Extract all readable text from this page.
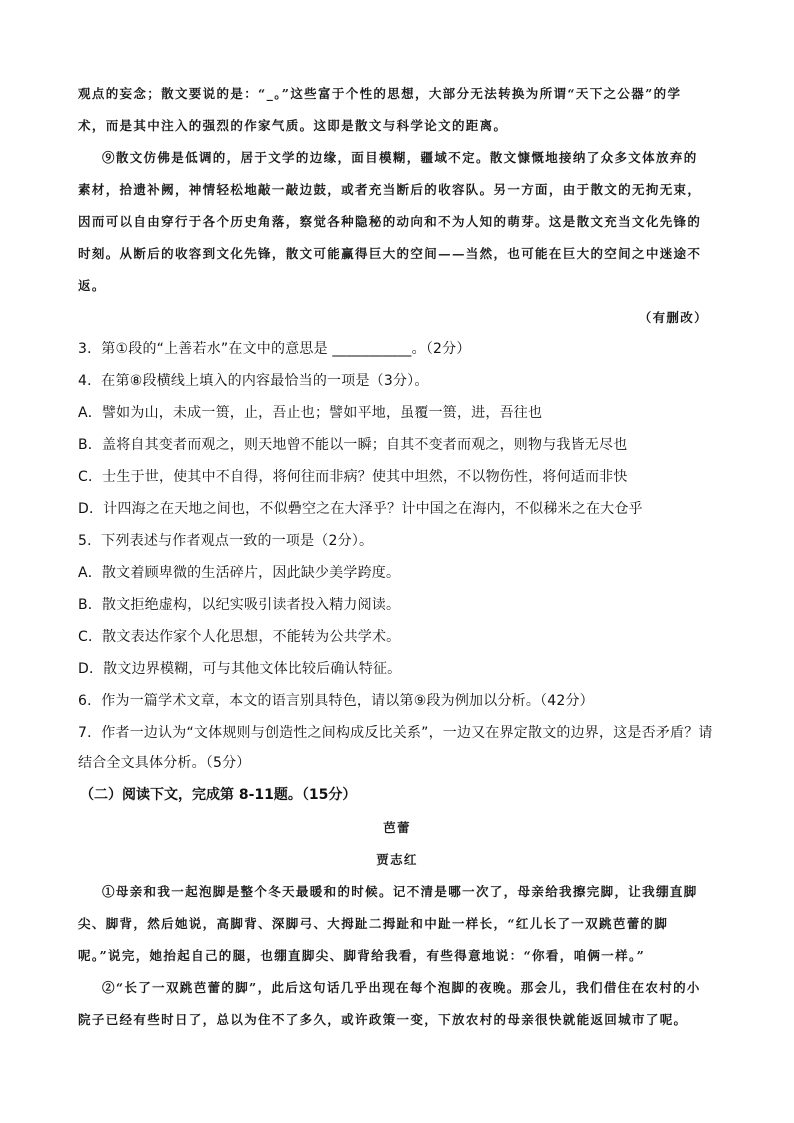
观点的妄念；散文要说的是：“_。”这些富于个性的思想，大部分无法转换为所谓“天下之公器”的学
术，而是其中注入的强烈的作家气质。这即是散文与科学论文的距离。
⑨散文仿佛是低调的，居于文学的边缘，面目模糊，疆域不定。散文慷慨地接纳了众多文体放弃的
素材，拾遗补阙，神情轻松地敲一敲边鼓，或者充当断后的收容队。另一方面，由于散文的无拘无束，
因而可以自由穿行于各个历史角落，察觉各种隐秘的动向和不为人知的萌芽。这是散文充当文化先锋的
时刻。从断后的收容到文化先锋，散文可能赢得巨大的空间——当然，也可能在巨大的空间之中迷途不
返。
（有删改）
3．第①段的“上善若水”在文中的意思是 ___________。（2分）
4．在第⑧段横线上填入的内容最恰当的一项是（3分）。
A．譬如为山，未成一篑，止，吾止也；譬如平地，虽覆一篑，进，吾往也
B．盖将自其变者而观之，则天地曾不能以一瞬；自其不变者而观之，则物与我皆无尽也
C．士生于世，使其中不自得，将何往而非病？使其中坦然，不以物伤性，将何适而非快
D．计四海之在天地之间也，不似礨空之在大泽乎？计中国之在海内，不似稊米之在大仓乎
5．下列表述与作者观点一致的一项是（2分）。
A．散文着顾卑微的生活碎片，因此缺少美学跨度。
B．散文拒绝虚构，以纪实吸引读者投入精力阅读。
C．散文表达作家个人化思想，不能转为公共学术。
D．散文边界模糊，可与其他文体比较后确认特征。
6．作为一篇学术文章，本文的语言别具特色，请以第⑨段为例加以分析。（42分）
7．作者一边认为“文体规则与创造性之间构成反比关系”，一边又在界定散文的边界，这是否矛盾？请
结合全文具体分析。（5分）
（二）阅读下文，完成第 8-11题。（15分）
芭蕾
贾志红
①母亲和我一起泡脚是整个冬天最暖和的时候。记不清是哪一次了，母亲给我擦完脚，让我绷直脚
尖、脚背，然后她说，高脚背、深脚弓、大拇趾二拇趾和中趾一样长，“红儿长了一双跳芭蕾的脚
呢。”说完，她抬起自己的腿，也绷直脚尖、脚背给我看，有些得意地说：“你看，咱俩一样。”
②“长了一双跳芭蕾的脚”，此后这句话几乎出现在每个泡脚的夜晚。那会儿，我们借住在农村的小
院子已经有些时日了，总以为住不了多久，或许政策一变，下放农村的母亲很快就能返回城市了呢。
